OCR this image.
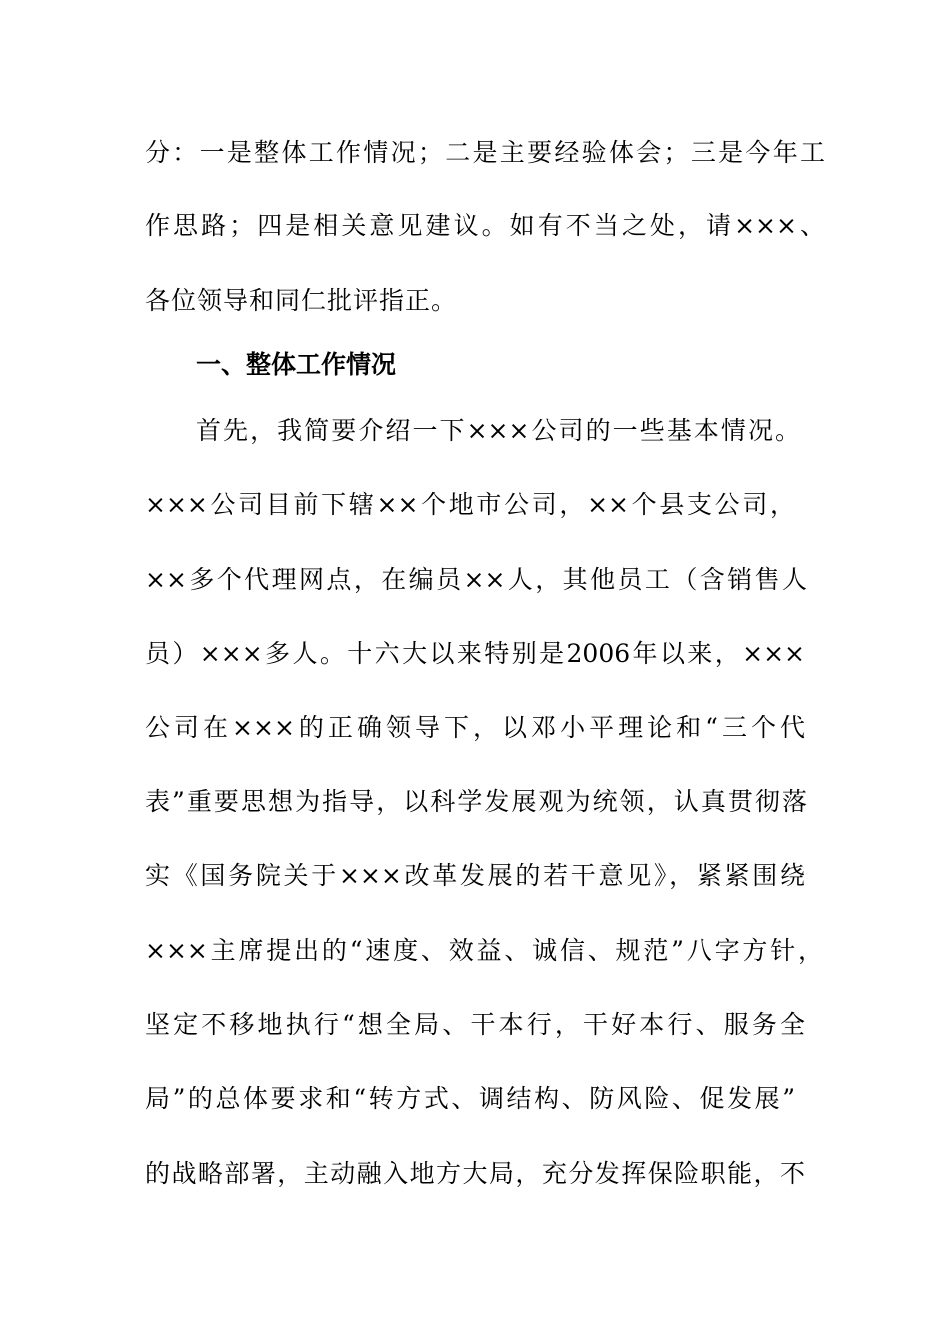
分：一是整体工作情况；二是主要经验体会；三是今年工
作思路；四是相关意见建议。如有不当之处，请×××、
各位领导和同仁批评指正。
一、整体工作情况
首先，我简要介绍一下×××公司的一些基本情况。
×××公司目前下辖××个地市公司，××个县支公司，
××多个代理网点，在编员××人，其他员工（含销售人
员）×××多人。十六大以来特别是2006年以来，×××
公司在×××的正确领导下，以邓小平理论和“三个代
表”重要思想为指导，以科学发展观为统领，认真贯彻落
实《国务院关于×××改革发展的若干意见》，紧紧围绕
×××主席提出的“速度、效益、诚信、规范”八字方针，
坚定不移地执行“想全局、干本行，干好本行、服务全
局”的总体要求和“转方式、调结构、防风险、促发展”
的战略部署，主动融入地方大局，充分发挥保险职能，不
